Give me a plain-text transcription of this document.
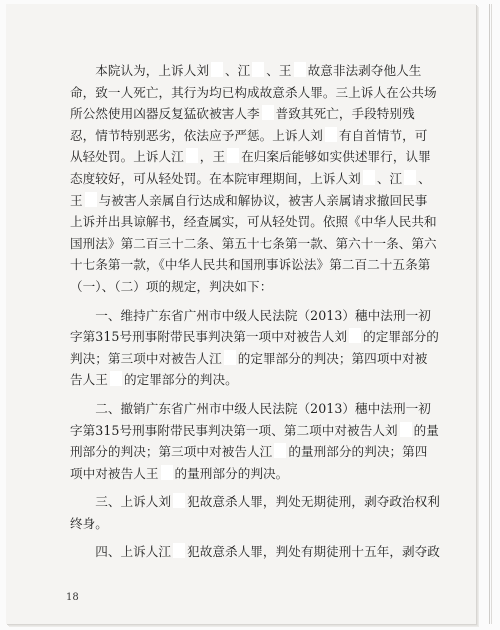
本院认为，上诉人刘 、江 、王 故意非法剥夺他人生命，致一人死亡，其行为均已构成故意杀人罪。三上诉人在公共场所公然使用凶器反复猛砍被害人李 普致其死亡，手段特别残忍，情节特别恶劣，依法应予严惩。上诉人刘 有自首情节，可从轻处罚。上诉人江 ，王 在归案后能够如实供述罪行，认罪态度较好，可从轻处罚。在本院审理期间，上诉人刘 、江 、王 与被害人亲属自行达成和解协议，被害人亲属请求撤回民事上诉并出具谅解书，经查属实，可从轻处罚。依照《中华人民共和国刑法》第二百三十二条、第五十七条第一款、第六十一条、第六十七条第一款，《中华人民共和国刑事诉讼法》第二百二十五条第（一）、（二）项的规定，判决如下：

一、维持广东省广州市中级人民法院（2013）穗中法刑一初字第315号刑事附带民事判决第一项中对被告人刘 的定罪部分的判决；第三项中对被告人江 的定罪部分的判决；第四项中对被告人王 的定罪部分的判决。

二、撤销广东省广州市中级人民法院（2013）穗中法刑一初字第315号刑事附带民事判决第一项、第二项中对被告人刘 的量刑部分的判决；第三项中对被告人江 的量刑部分的判决；第四项中对被告人王 的量刑部分的判决。

三、上诉人刘 犯故意杀人罪，判处无期徒刑，剥夺政治权利终身。

四、上诉人江 犯故意杀人罪，判处有期徒刑十五年，剥夺政

18
